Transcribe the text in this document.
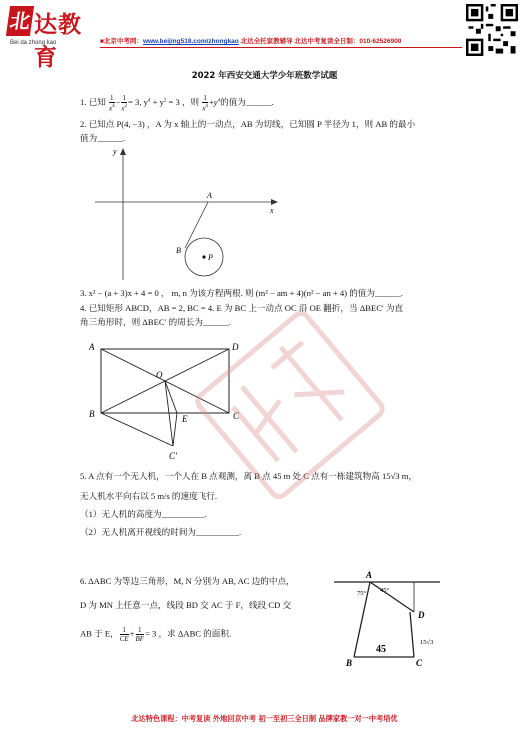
北 达教育
Bei da zhong kao	■北京中考网：www.beijing518.com/zhongkao 北达全托家教辅导 北达中考复读全日制：010-62526900
2022 年西安交通大学少年班数学试题
1. 已知 $\frac{1}{x^4} - \frac{1}{x^2} = 3$, $y^4 + y^2 = 3$ ，则 $\frac{1}{x^4} +y^4$的值为______.
2. 已知点 P(4, −3) ，A 为 x 轴上的一动点，AB 为切线，已知圆 P 半径为 1，则 AB 的最小
值为______.
y
x
A
B
P
3. x² − (a + 3)x + 4 = 0 ， m, n 为该方程两根. 则 (m² − am + 4)(n² − an + 4) 的值为______.
4. 已知矩形 ABCD，AB = 2, BC = 4. E 为 BC 上一动点 OC 沿 OE 翻折，当 ΔBEC′ 为直
角三角形时，则 ΔBEC′ 的周长为______.
A	D
O
B	E	C
C′
5. A 点有一个无人机，一个人在 B 点观测，离 B 点 45 m 处 C 点有一栋建筑物高 15√3 m，
无人机水平向右以 5 m/s 的速度飞行.
（1）无人机的高度为__________.
（2）无人机离开视线的时间为__________.
6. ΔABC 为等边三角形，M, N 分别为 AB, AC 边的中点，
D 为 MN 上任意一点，线段 BD 交 AC 于 F，线段 CD 交
AB 于 E， $\frac{1}{CE} + \frac{1}{BF} = 3$ ，求 ΔABC 的面积.
A
75° 45°
D
B	C
45
15√3
北达特色课程：中考复读 外地回京中考 初一至初三全日制 品牌家教一对一中考培优
